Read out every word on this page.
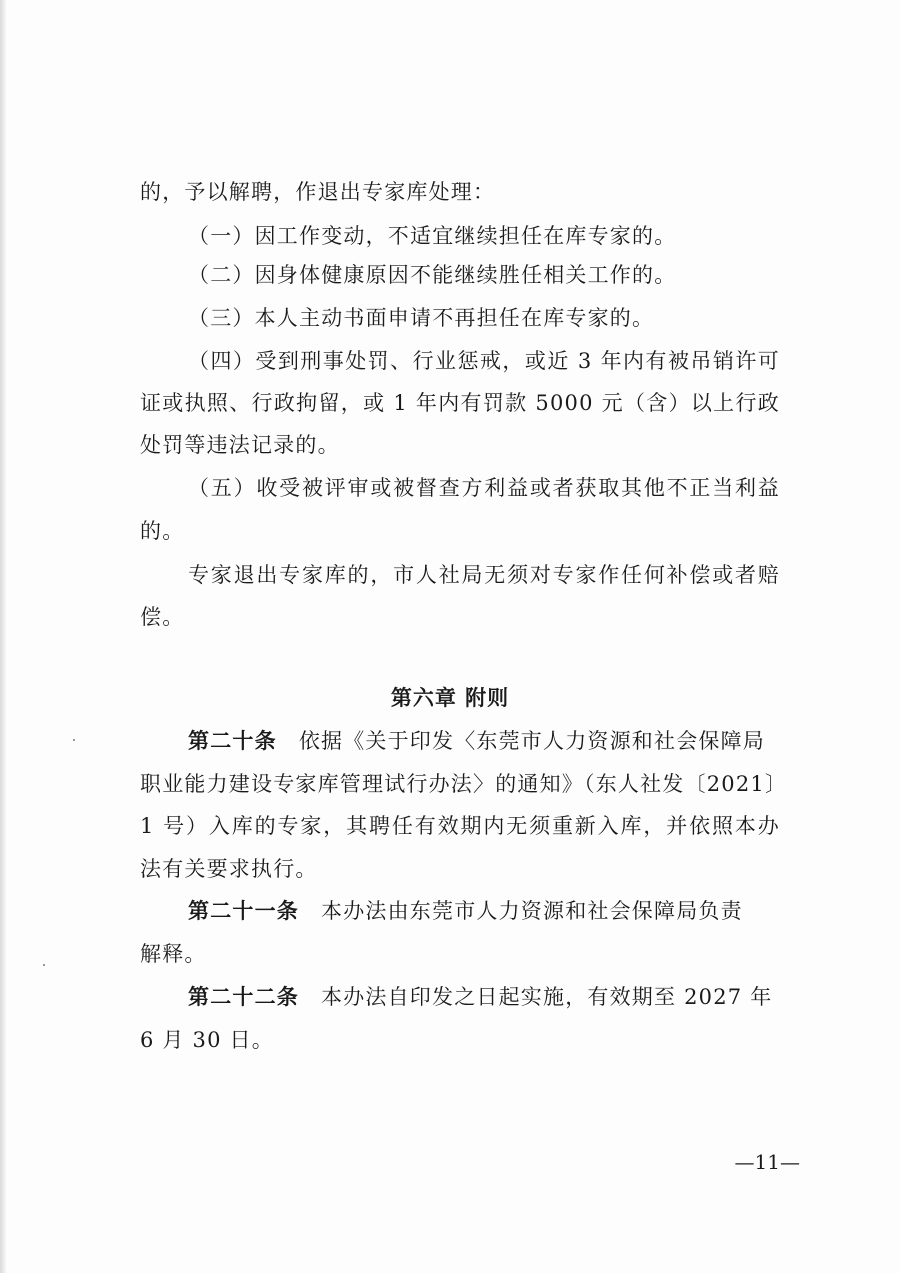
的，予以解聘，作退出专家库处理：
（一）因工作变动，不适宜继续担任在库专家的。
（二）因身体健康原因不能继续胜任相关工作的。
（三）本人主动书面申请不再担任在库专家的。
（四）受到刑事处罚、行业惩戒，或近 3 年内有被吊销许可
证或执照、行政拘留，或 1 年内有罚款 5000 元（含）以上行政
处罚等违法记录的。
（五）收受被评审或被督查方利益或者获取其他不正当利益
的。
专家退出专家库的，市人社局无须对专家作任何补偿或者赔
偿。
第六章 附则
第二十条 依据《关于印发〈东莞市人力资源和社会保障局
职业能力建设专家库管理试行办法〉的通知》（东人社发〔2021〕
1 号）入库的专家，其聘任有效期内无须重新入库，并依照本办
法有关要求执行。
第二十一条 本办法由东莞市人力资源和社会保障局负责
解释。
第二十二条 本办法自印发之日起实施，有效期至 2027 年
6 月 30 日。
—11—
